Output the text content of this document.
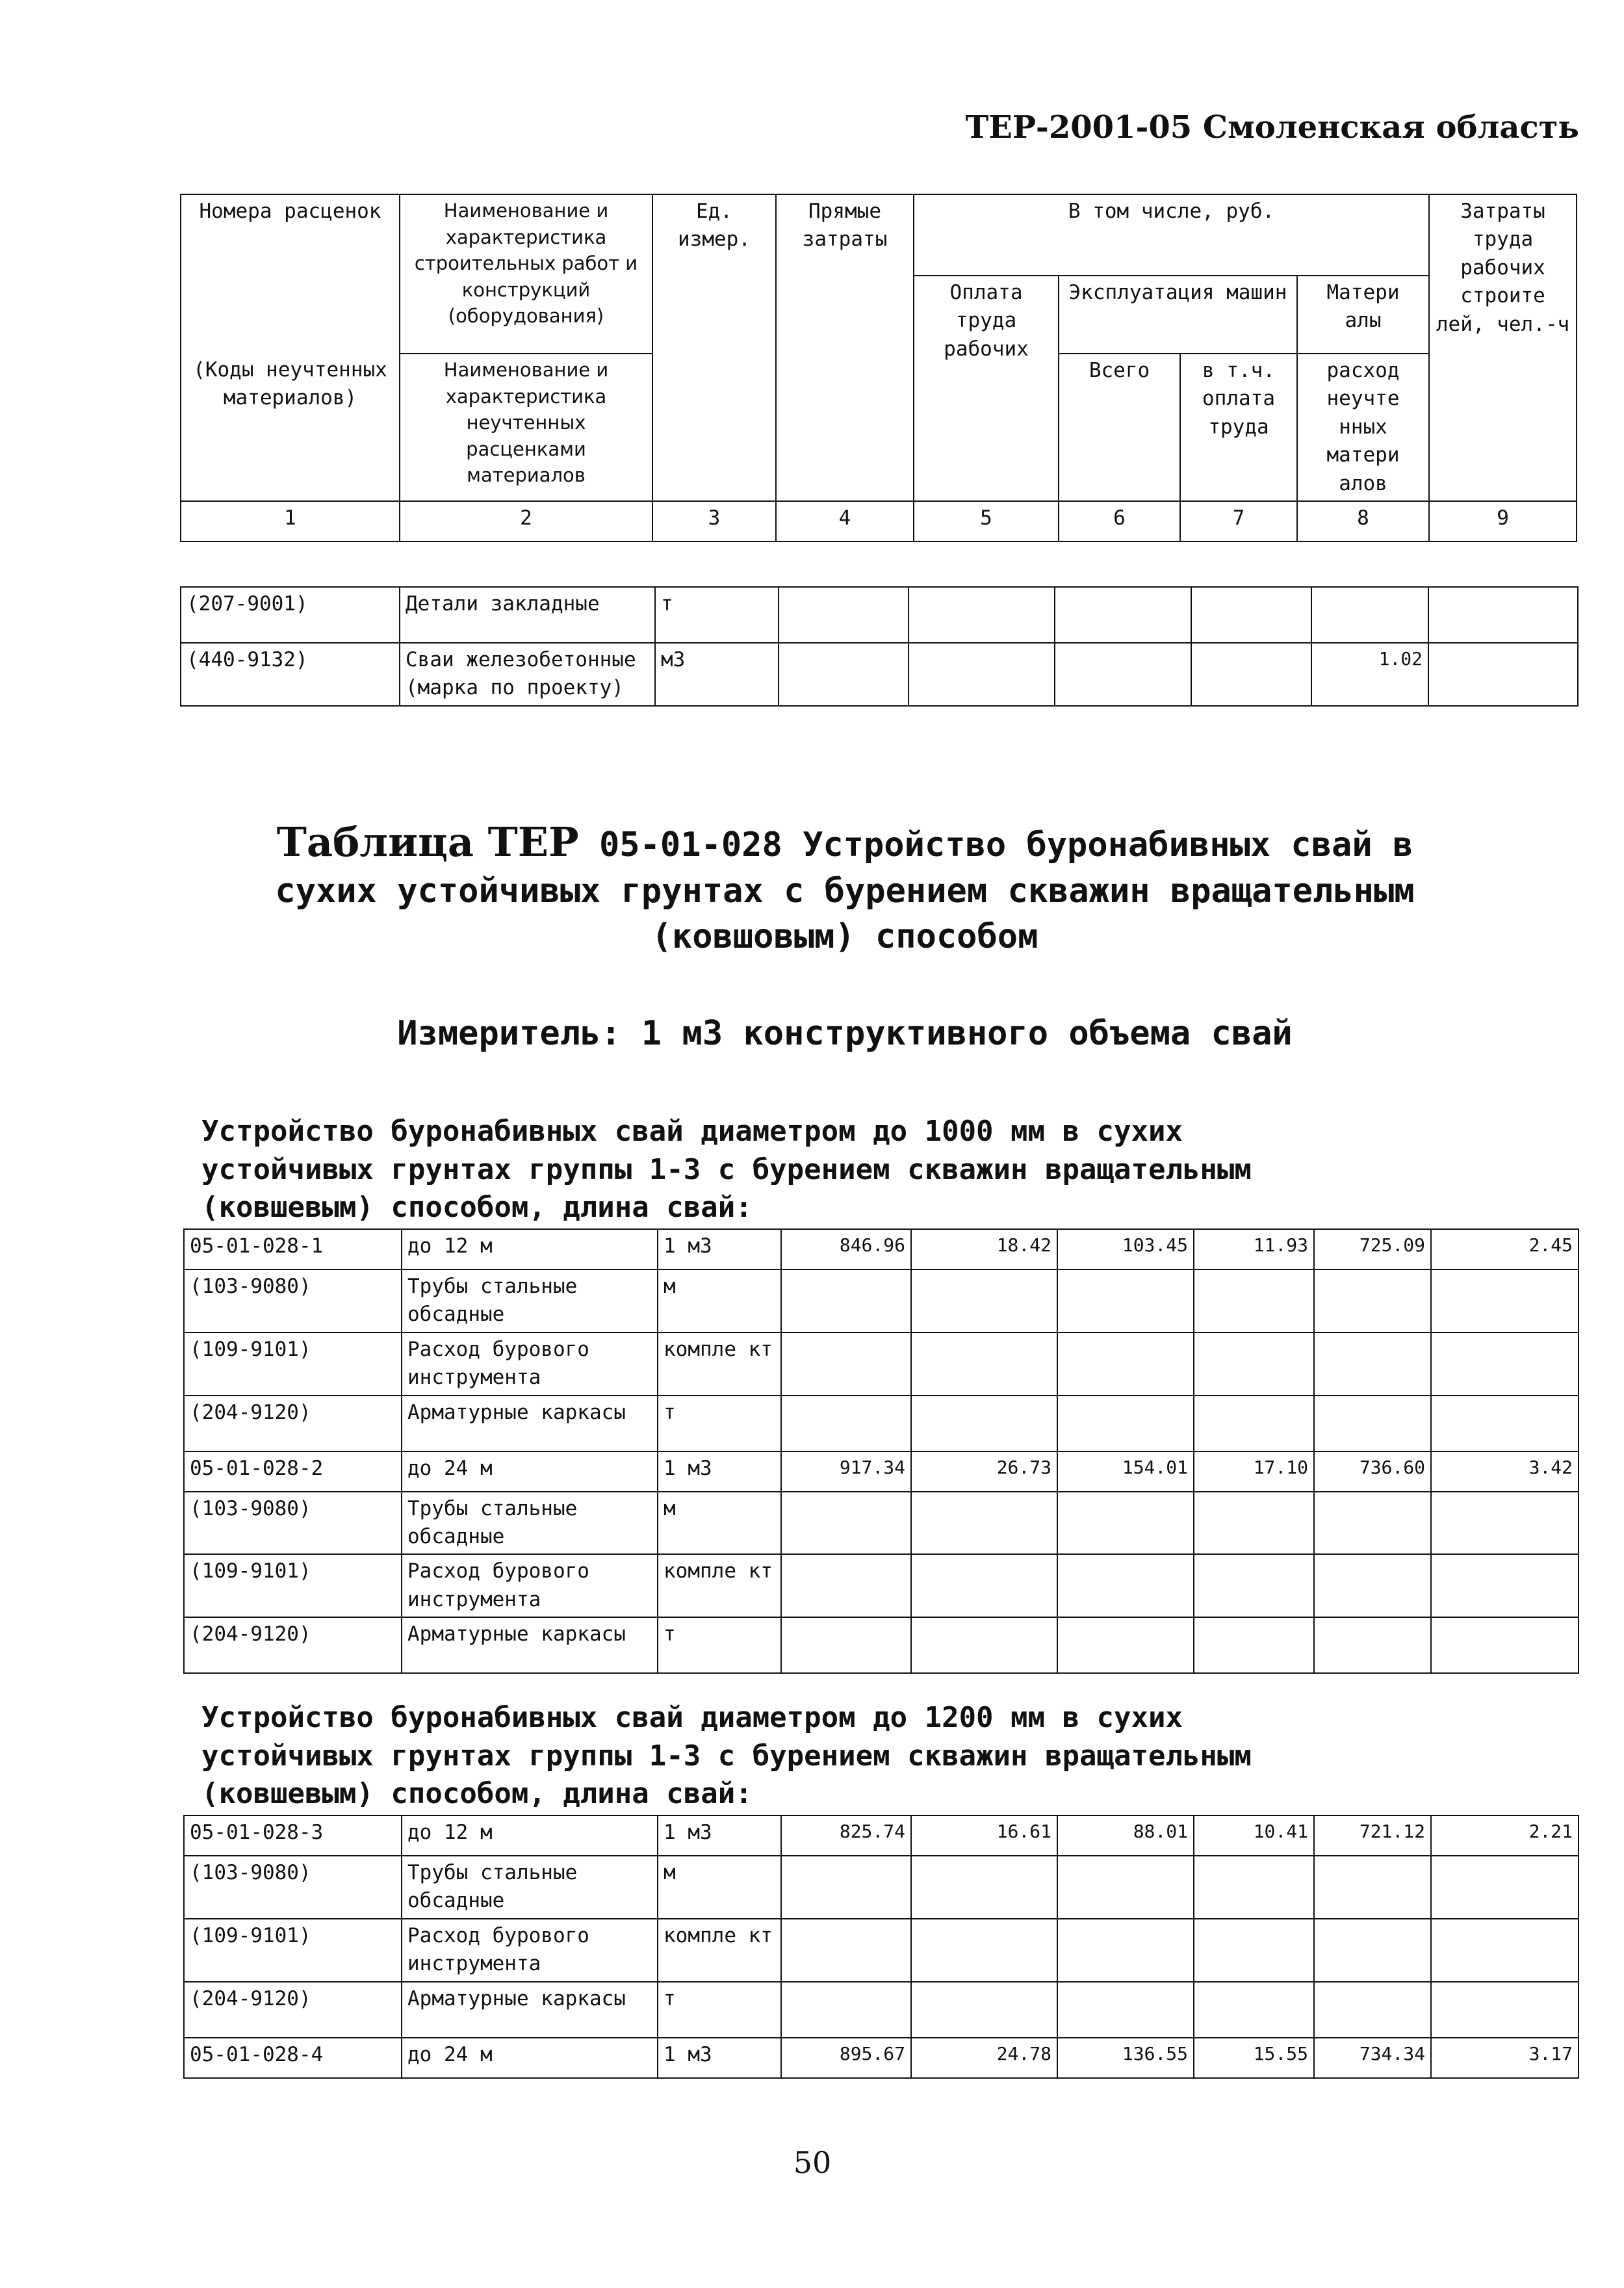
ТЕР-2001-05 Смоленская область
Номера расценок	Наименование и характеристика строительных работ и конструкций (оборудования)	Ед. измер.	Прямые затраты	В том числе, руб.				Затраты труда рабочих строите лей, чел.-ч
				Оплата труда рабочих	Эксплуатация машин		Матери алы	

(Коды неучтенных материалов)	Наименование и характеристика неучтенных расценками материалов				Всего	в т.ч. оплата труда	расход неучте нных матери алов	

1	2	3	4	5	6	7	8	9
(207-9001)	Детали закладные	т						
(440-9132)	Сваи железобетонные (марка по проекту)	м3					1.02	
Таблица ТЕР 05-01-028 Устройство буронабивных свай в
сухих устойчивых грунтах с бурением скважин вращательным
(ковшовым) способом
Измеритель: 1 м3 конструктивного объема свай
Устройство буронабивных свай диаметром до 1000 мм в сухих
устойчивых грунтах группы 1-3 с бурением скважин вращательным
(ковшевым) способом, длина свай:
05-01-028-1	до 12 м	1 м3	846.96	18.42	103.45	11.93	725.09	2.45
(103-9080)	Трубы стальные обсадные	м						
(109-9101)	Расход бурового инструмента	компле кт						
(204-9120)	Арматурные каркасы	т						
05-01-028-2	до 24 м	1 м3	917.34	26.73	154.01	17.10	736.60	3.42
(103-9080)	Трубы стальные обсадные	м						
(109-9101)	Расход бурового инструмента	компле кт						
(204-9120)	Арматурные каркасы	т						
Устройство буронабивных свай диаметром до 1200 мм в сухих
устойчивых грунтах группы 1-3 с бурением скважин вращательным
(ковшевым) способом, длина свай:
05-01-028-3	до 12 м	1 м3	825.74	16.61	88.01	10.41	721.12	2.21
(103-9080)	Трубы стальные обсадные	м						
(109-9101)	Расход бурового инструмента	компле кт						
(204-9120)	Арматурные каркасы	т						
05-01-028-4	до 24 м	1 м3	895.67	24.78	136.55	15.55	734.34	3.17
50
